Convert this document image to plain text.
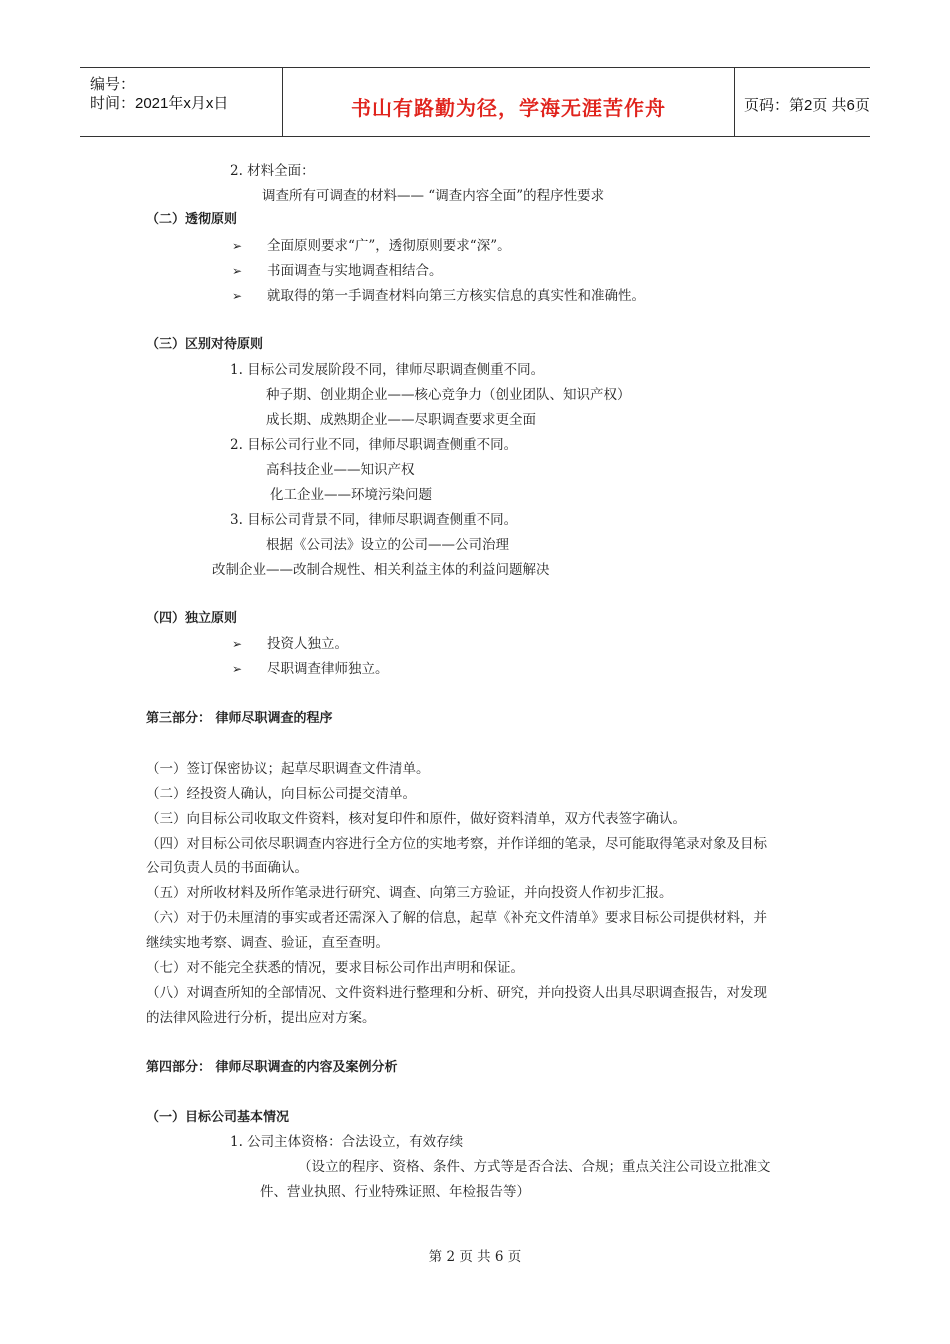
编号：
时间：2021年x月x日	书山有路勤为径，学海无涯苦作舟	页码：第2页 共6页
2. 材料全面：
调查所有可调查的材料—— “调查内容全面”的程序性要求
（二）透彻原则
➢ 全面原则要求“广”，透彻原则要求“深”。
➢ 书面调查与实地调查相结合。
➢ 就取得的第一手调查材料向第三方核实信息的真实性和准确性。
（三）区别对待原则
1. 目标公司发展阶段不同，律师尽职调查侧重不同。
种子期、创业期企业——核心竞争力（创业团队、知识产权）
成长期、成熟期企业——尽职调查要求更全面
2. 目标公司行业不同，律师尽职调查侧重不同。
高科技企业——知识产权
化工企业——环境污染问题
3. 目标公司背景不同，律师尽职调查侧重不同。
根据《公司法》设立的公司——公司治理
改制企业——改制合规性、相关利益主体的利益问题解决
（四）独立原则
➢ 投资人独立。
➢ 尽职调查律师独立。
第三部分： 律师尽职调查的程序
（一）签订保密协议；起草尽职调查文件清单。
（二）经投资人确认，向目标公司提交清单。
（三）向目标公司收取文件资料，核对复印件和原件，做好资料清单，双方代表签字确认。
（四）对目标公司依尽职调查内容进行全方位的实地考察，并作详细的笔录，尽可能取得笔录对象及目标
公司负责人员的书面确认。
（五）对所收材料及所作笔录进行研究、调查、向第三方验证，并向投资人作初步汇报。
（六）对于仍未厘清的事实或者还需深入了解的信息，起草《补充文件清单》要求目标公司提供材料，并
继续实地考察、调查、验证，直至查明。
（七）对不能完全获悉的情况，要求目标公司作出声明和保证。
（八）对调查所知的全部情况、文件资料进行整理和分析、研究，并向投资人出具尽职调查报告，对发现
的法律风险进行分析，提出应对方案。
第四部分： 律师尽职调查的内容及案例分析
（一）目标公司基本情况
1. 公司主体资格：合法设立，有效存续
（设立的程序、资格、条件、方式等是否合法、合规；重点关注公司设立批准文
件、营业执照、行业特殊证照、年检报告等）
第 2 页 共 6 页
